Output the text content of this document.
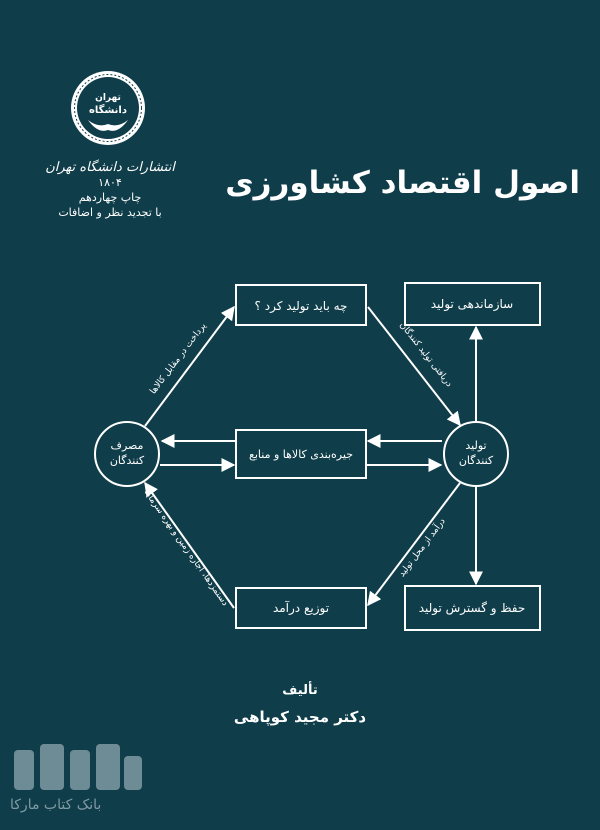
تهران
دانشگاه
انتشارات دانشگاه تهران
۱۸۰۴
چاپ چهاردهم
با تجدید نظر و اضافات
اصول اقتصاد کشاورزی
چه باید تولید کرد ؟	سازماندهی تولید
جیره‌بندی کالاها و منابع
توزیع درآمد	حفظ و گسترش تولید
مصرف
کنندگان
تولید
کنندگان
پرداخت در مقابل کالاها	دریافتی تولید کنندگان
دستمزدها، اجاره زمین و بهره سرمایه	درآمد از محل تولید
تألیف
دکتر مجید کوپاهی
بانک کتاب مارکا
